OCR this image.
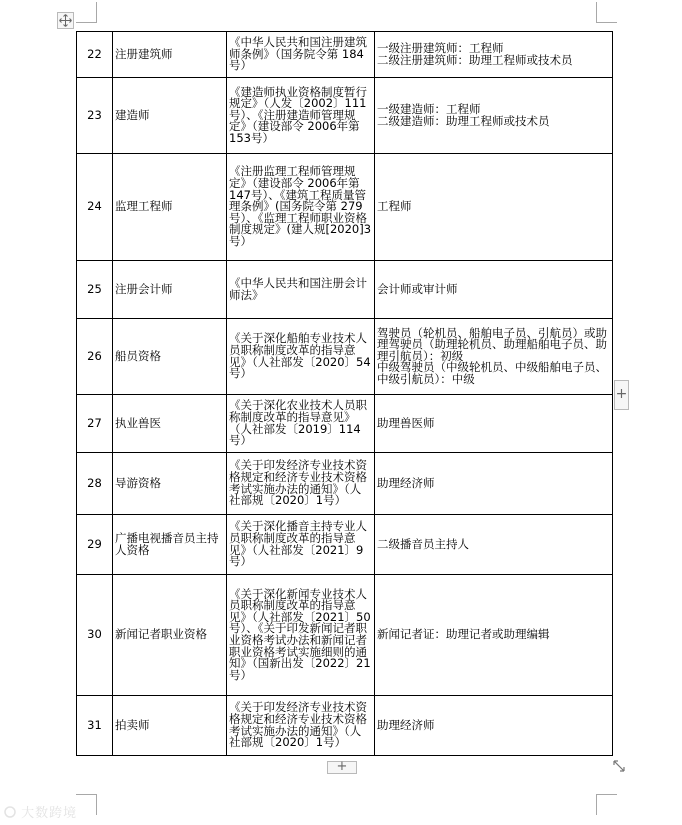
22	注册建筑师	《中华人民共和国注册建筑师条例》（国务院令第 184号）	一级注册建筑师：工程师
二级注册建筑师：助理工程师或技术员

23	建造师	《建造师执业资格制度暂行规定》（人发〔2002〕111号）、《注册建造师管理规定》（建设部令 2006年第153号）	一级建造师：工程师
二级建造师：助理工程师或技术员

24	监理工程师	《注册监理工程师管理规定》（建设部令 2006年第147号）、《建筑工程质量管理条例》(国务院令第 279号）、《监理工程师职业资格制度规定》(建人规[2020]3号）	工程师

25	注册会计师	《中华人民共和国注册会计师法》	会计师或审计师

26	船员资格	《关于深化船舶专业技术人员职称制度改革的指导意见》（人社部发〔2020〕54号）	驾驶员（轮机员、船舶电子员、引航员）或助理驾驶员（助理轮机员、助理船舶电子员、助理引航员）：初级
中级驾驶员（中级轮机员、中级船舶电子员、中级引航员）：中级

27	执业兽医	《关于深化农业技术人员职称制度改革的指导意见》（人社部发〔2019〕114号）	助理兽医师

28	导游资格	《关于印发经济专业技术资格规定和经济专业技术资格考试实施办法的通知》（人社部规〔2020〕1号）	助理经济师

29	广播电视播音员主持人资格	《关于深化播音主持专业人员职称制度改革的指导意见》（人社部发〔2021〕9号）	二级播音员主持人

30	新闻记者职业资格	《关于深化新闻专业技术人员职称制度改革的指导意见》（人社部发〔2021〕50号）、《关于印发新闻记者职业资格考试办法和新闻记者职业资格考试实施细则的通知》（国新出发〔2022〕21号）	新闻记者证：助理记者或助理编辑

31	拍卖师	《关于印发经济专业技术资格规定和经济专业技术资格考试实施办法的通知》（人社部规〔2020〕1号）	助理经济师
+
+
大数跨境
